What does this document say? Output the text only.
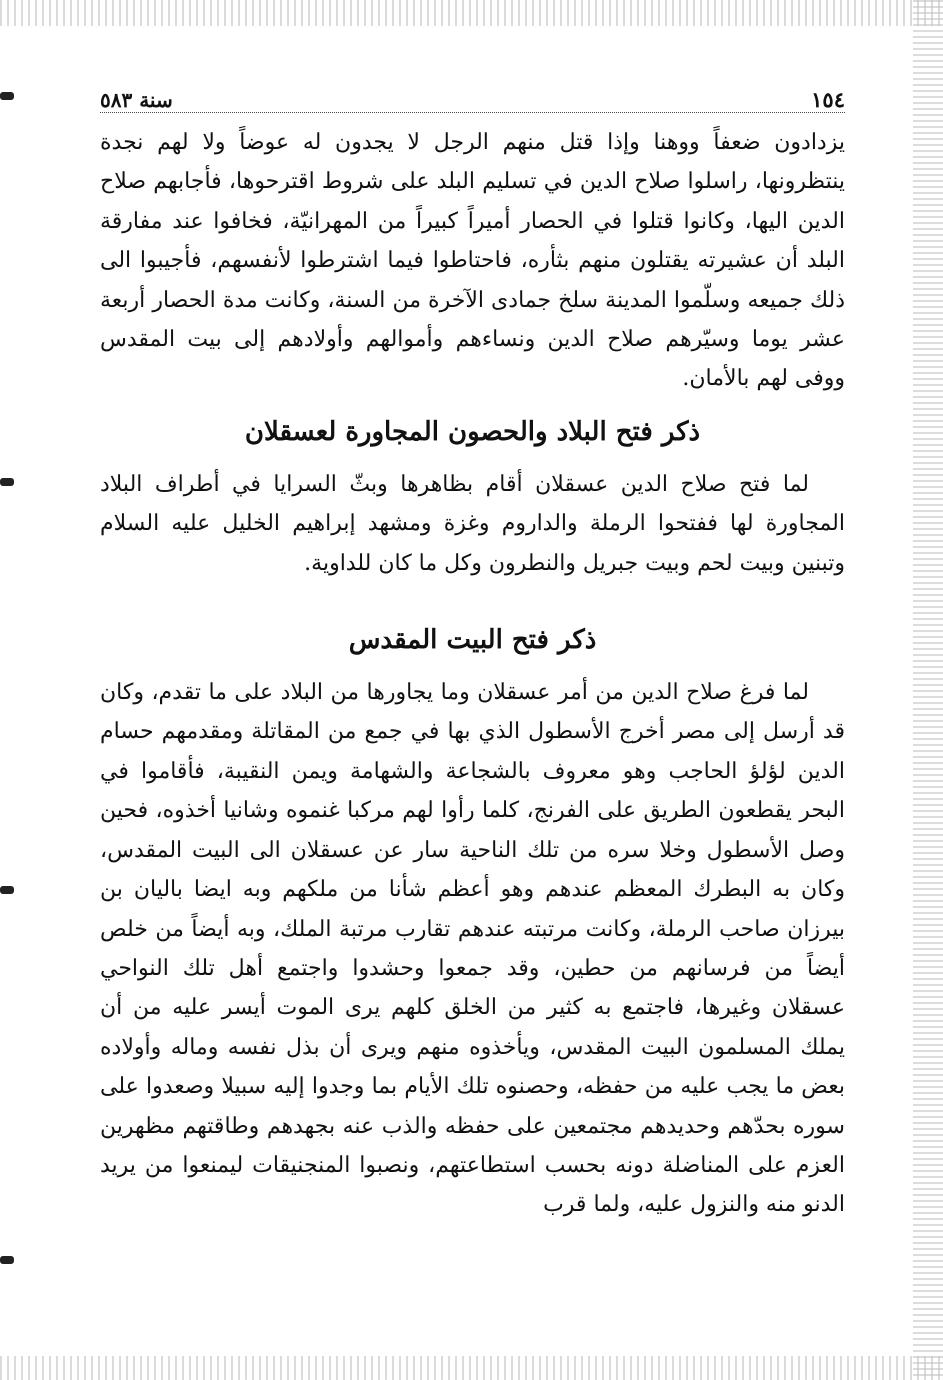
١٥٤
سنة ٥٨٣

يزدادون ضعفاً ووهنا وإذا قتل منهم الرجل لا يجدون له عوضاً ولا لهم نجدة ينتظرونها، راسلوا صلاح الدين في تسليم البلد على شروط اقترحوها، فأجابهم صلاح الدين اليها، وكانوا قتلوا في الحصار أميراً كبيراً من المهرانيّة، فخافوا عند مفارقة البلد أن عشيرته يقتلون منهم بثأره، فاحتاطوا فيما اشترطوا لأنفسهم، فأجيبوا الى ذلك جميعه وسلّموا المدينة سلخ جمادى الآخرة من السنة، وكانت مدة الحصار أربعة عشر يوما وسيّرهم صلاح الدين ونساءهم وأموالهم وأولادهم إلى بيت المقدس ووفى لهم بالأمان.

ذكر فتح البلاد والحصون المجاورة لعسقلان

لما فتح صلاح الدين عسقلان أقام بظاهرها وبثّ السرايا في أطراف البلاد المجاورة لها ففتحوا الرملة والداروم وغزة ومشهد إبراهيم الخليل عليه السلام وتبنين وبيت لحم وبيت جبريل والنطرون وكل ما كان للداوية.

ذكر فتح البيت المقدس

لما فرغ صلاح الدين من أمر عسقلان وما يجاورها من البلاد على ما تقدم، وكان قد أرسل إلى مصر أخرج الأسطول الذي بها في جمع من المقاتلة ومقدمهم حسام الدين لؤلؤ الحاجب وهو معروف بالشجاعة والشهامة ويمن النقيبة، فأقاموا في البحر يقطعون الطريق على الفرنج، كلما رأوا لهم مركبا غنموه وشانيا أخذوه، فحين وصل الأسطول وخلا سره من تلك الناحية سار عن عسقلان الى البيت المقدس، وكان به البطرك المعظم عندهم وهو أعظم شأنا من ملكهم وبه ايضا باليان بن بيرزان صاحب الرملة، وكانت مرتبته عندهم تقارب مرتبة الملك، وبه أيضاً من خلص أيضاً من فرسانهم من حطين، وقد جمعوا وحشدوا واجتمع أهل تلك النواحي عسقلان وغيرها، فاجتمع به كثير من الخلق كلهم يرى الموت أيسر عليه من أن يملك المسلمون البيت المقدس، ويأخذوه منهم ويرى أن بذل نفسه وماله وأولاده بعض ما يجب عليه من حفظه، وحصنوه تلك الأيام بما وجدوا إليه سبيلا وصعدوا على سوره بحدّهم وحديدهم مجتمعين على حفظه والذب عنه بجهدهم وطاقتهم مظهرين العزم على المناضلة دونه بحسب استطاعتهم، ونصبوا المنجنيقات ليمنعوا من يريد الدنو منه والنزول عليه، ولما قرب
